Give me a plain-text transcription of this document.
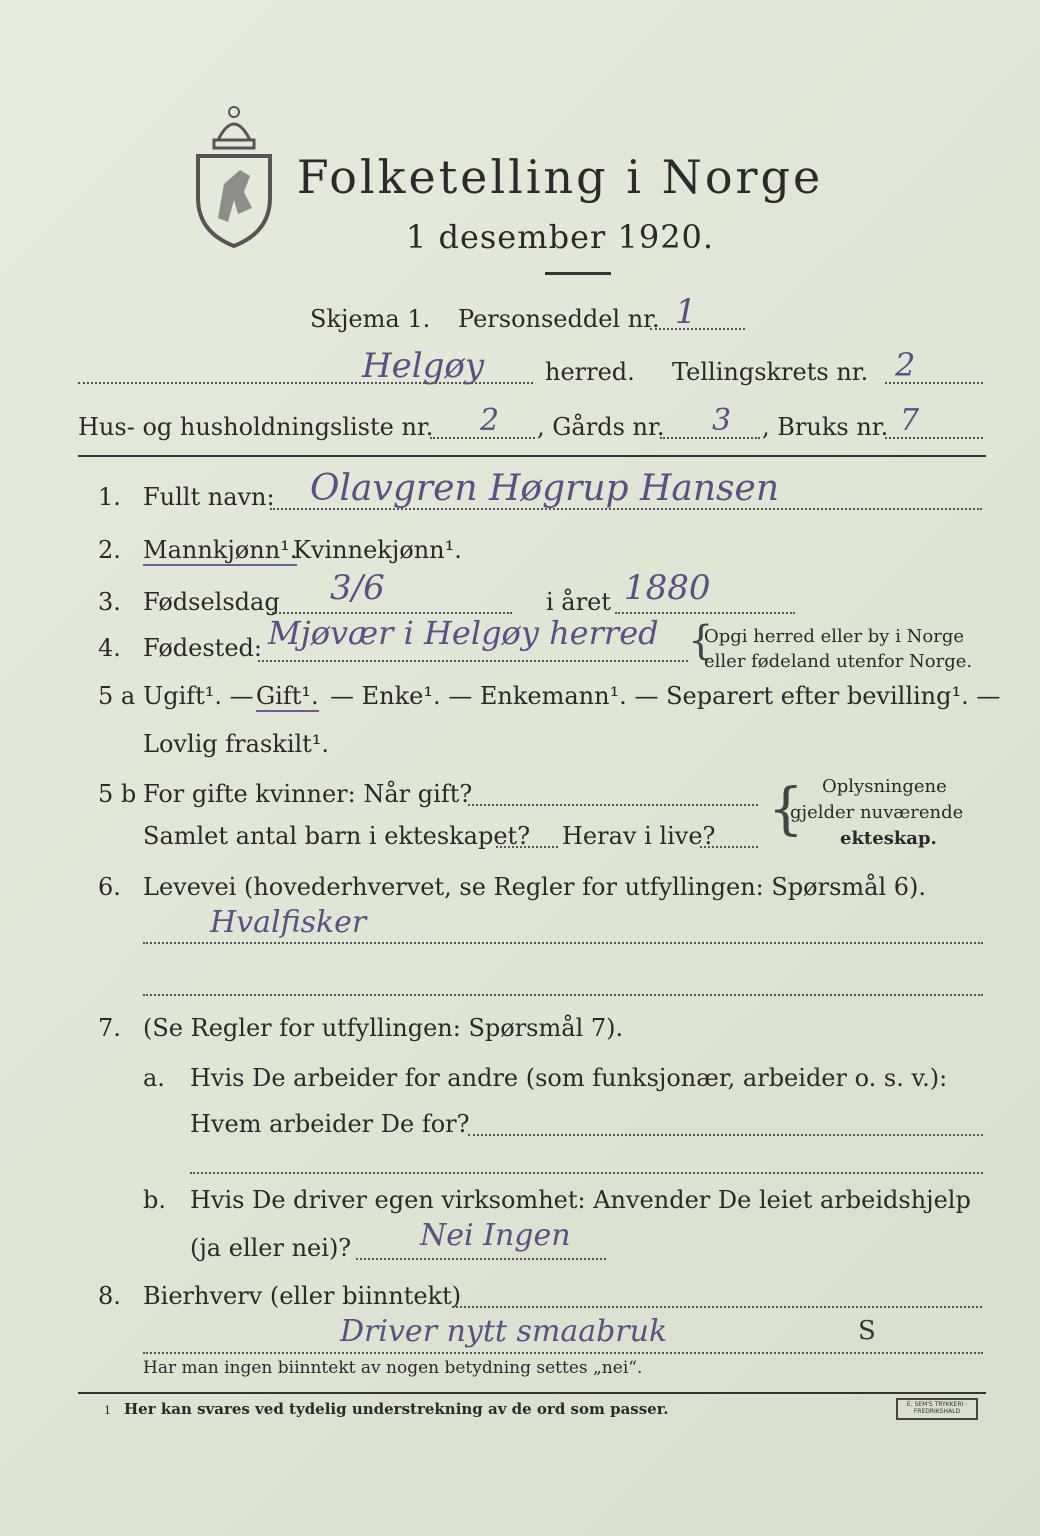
Folketelling i Norge
1 desember 1920.
Skjema 1. Personseddel nr. 1
Helgøy	herred. Tellingskrets nr. 2
Hus- og husholdningsliste nr. 2 , Gårds nr. 3 , Bruks nr. 7
1. Fullt navn: Olavgren Høgrup Hansen
2. Mannkjønn¹.
Kvinnekjønn¹.
3. Fødselsdag 3/6	i året 1880
4. Fødested: Mjøvær i Helgøy herred {
Opgi herred eller by i Norge
eller fødeland utenfor Norge.
5 a Ugift¹. — Gift¹. — Enke¹. — Enkemann¹. — Separert efter bevilling¹. —
Lovlig fraskilt¹.
5 b For gifte kvinner: Når gift?
Samlet antal barn i ekteskapet? Herav i live? { Oplysningene
gjelder nuværende
ekteskap.
6. Levevei (hovederhvervet, se Regler for utfyllingen: Spørsmål 6).
Hvalfisker
7. (Se Regler for utfyllingen: Spørsmål 7).
a. Hvis De arbeider for andre (som funksjonær, arbeider o. s. v.):
Hvem arbeider De for?
b. Hvis De driver egen virksomhet: Anvender De leiet arbeidshjelp
(ja eller nei)? Nei Ingen
8. Bierhverv (eller biinntekt)
Driver nytt smaabruk	S
Har man ingen biinntekt av nogen betydning settes „nei“.
1 Her kan svares ved tydelig understrekning av de ord som passer.	E. SEM'S TRYKKERI · FREDRIKSHALD
